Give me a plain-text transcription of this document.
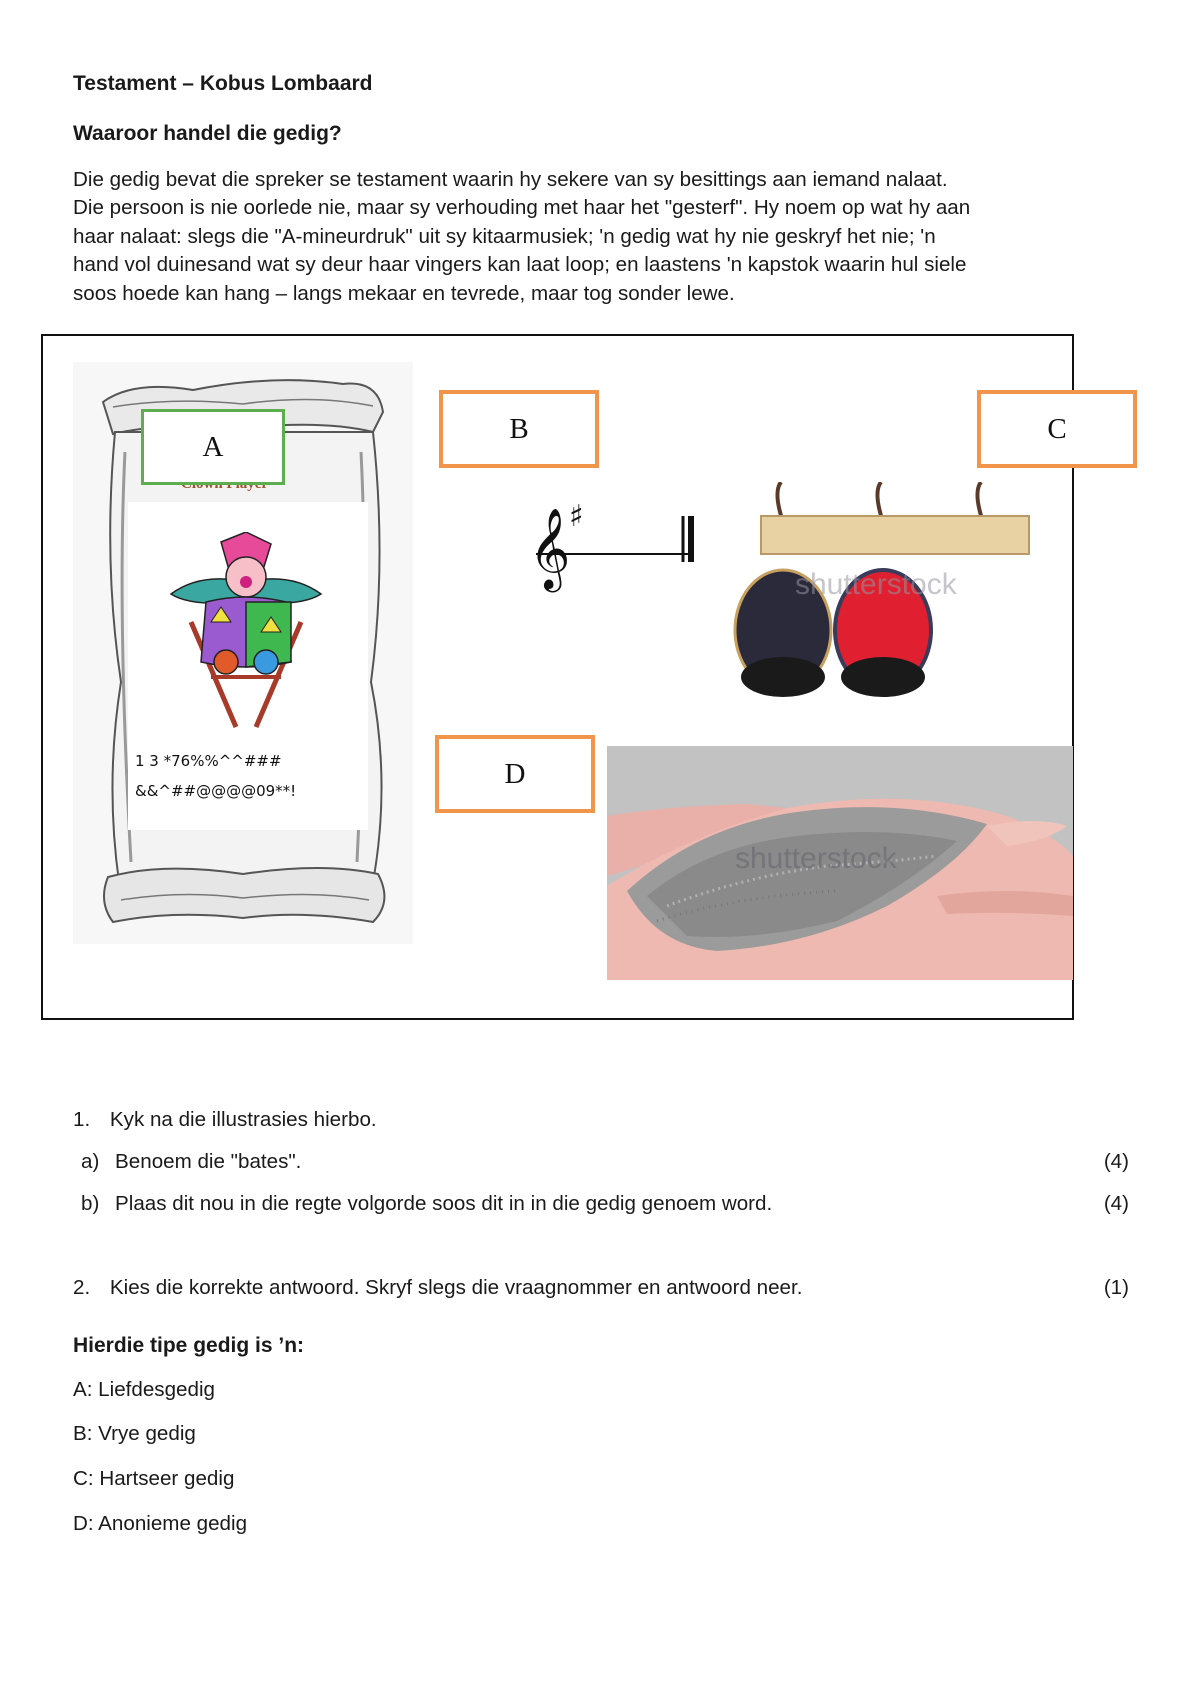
Testament – Kobus Lombaard
Waaroor handel die gedig?
Die gedig bevat die spreker se testament waarin hy sekere van sy besittings aan iemand nalaat.
Die persoon is nie oorlede nie, maar sy verhouding met haar het "gesterf". Hy noem op wat hy aan
haar nalaat: slegs die "A-mineurdruk" uit sy kitaarmusiek; 'n gedig wat hy nie geskryf het nie; 'n
hand vol duinesand wat sy deur haar vingers kan laat loop; en laastens 'n kapstok waarin hul siele
soos hoede kan hang – langs mekaar en tevrede, maar tog sonder lewe.
1 3 *76%%^^###
&&^##@@@@09**!
A
B
𝄞
♯
C
shutterstock
D
shutterstock
1. Kyk na die illustrasies hierbo.
a) Benoem die "bates".	(4)
b) Plaas dit nou in die regte volgorde soos dit in in die gedig genoem word.	(4)
2. Kies die korrekte antwoord. Skryf slegs die vraagnommer en antwoord neer.	(1)
Hierdie tipe gedig is ’n:
A: Liefdesgedig
B: Vrye gedig
C: Hartseer gedig
D: Anonieme gedig
